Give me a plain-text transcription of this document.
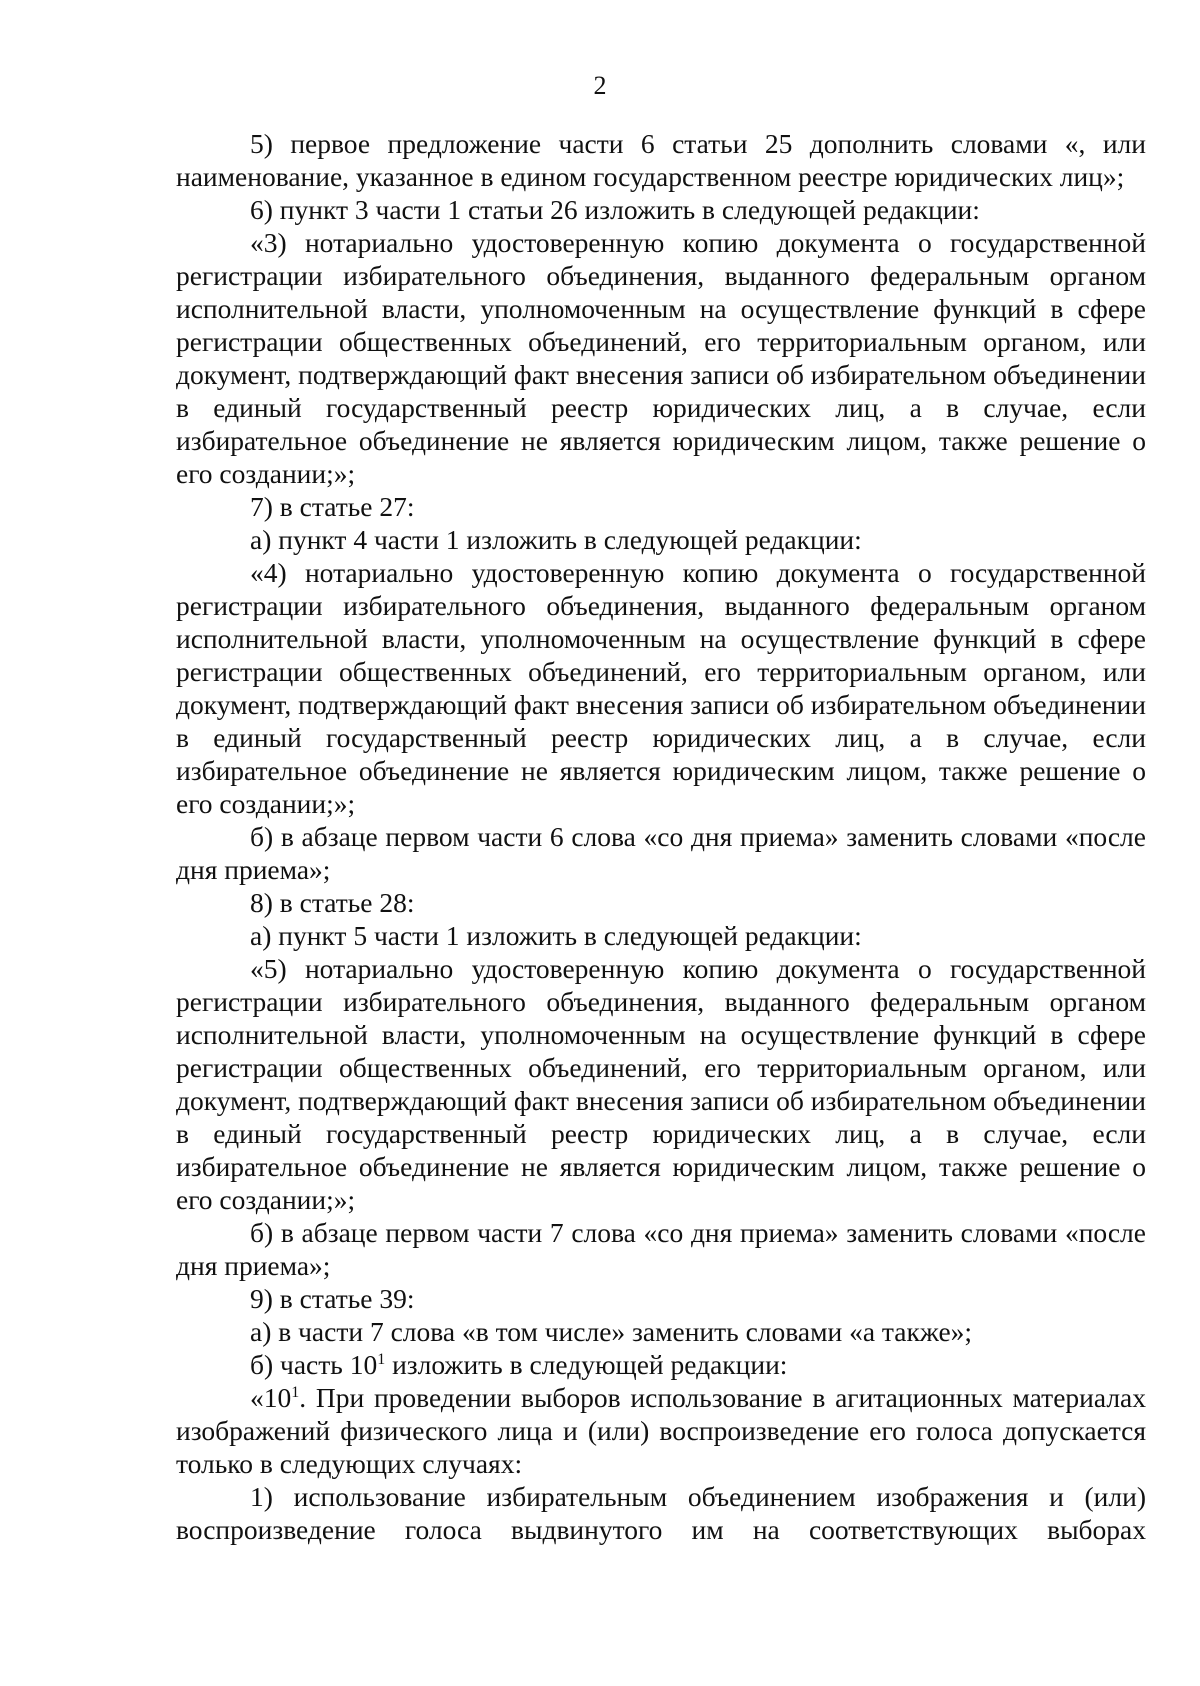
2

5) первое предложение части 6 статьи 25 дополнить словами «, или наименование, указанное в едином государственном реестре юридических лиц»;

6) пункт 3 части 1 статьи 26 изложить в следующей редакции:

«3) нотариально удостоверенную копию документа о государственной регистрации избирательного объединения, выданного федеральным органом исполнительной власти, уполномоченным на осуществление функций в сфере регистрации общественных объединений, его территориальным органом, или документ, подтверждающий факт внесения записи об избирательном объединении в единый государственный реестр юридических лиц, а в случае, если избирательное объединение не является юридическим лицом, также решение о его создании;»;

7) в статье 27:

а) пункт 4 части 1 изложить в следующей редакции:

«4) нотариально удостоверенную копию документа о государственной регистрации избирательного объединения, выданного федеральным органом исполнительной власти, уполномоченным на осуществление функций в сфере регистрации общественных объединений, его территориальным органом, или документ, подтверждающий факт внесения записи об избирательном объединении в единый государственный реестр юридических лиц, а в случае, если избирательное объединение не является юридическим лицом, также решение о его создании;»;

б) в абзаце первом части 6 слова «со дня приема» заменить словами «после дня приема»;

8) в статье 28:

а) пункт 5 части 1 изложить в следующей редакции:

«5) нотариально удостоверенную копию документа о государственной регистрации избирательного объединения, выданного федеральным органом исполнительной власти, уполномоченным на осуществление функций в сфере регистрации общественных объединений, его территориальным органом, или документ, подтверждающий факт внесения записи об избирательном объединении в единый государственный реестр юридических лиц, а в случае, если избирательное объединение не является юридическим лицом, также решение о его создании;»;

б) в абзаце первом части 7 слова «со дня приема» заменить словами «после дня приема»;

9) в статье 39:

а) в части 7 слова «в том числе» заменить словами «а также»;

б) часть $10^1$ изложить в следующей редакции:

«$10^1$. При проведении выборов использование в агитационных материалах изображений физического лица и (или) воспроизведение его голоса допускается только в следующих случаях:

1) использование избирательным объединением изображения и (или) воспроизведение голоса выдвинутого им на соответствующих выборах
